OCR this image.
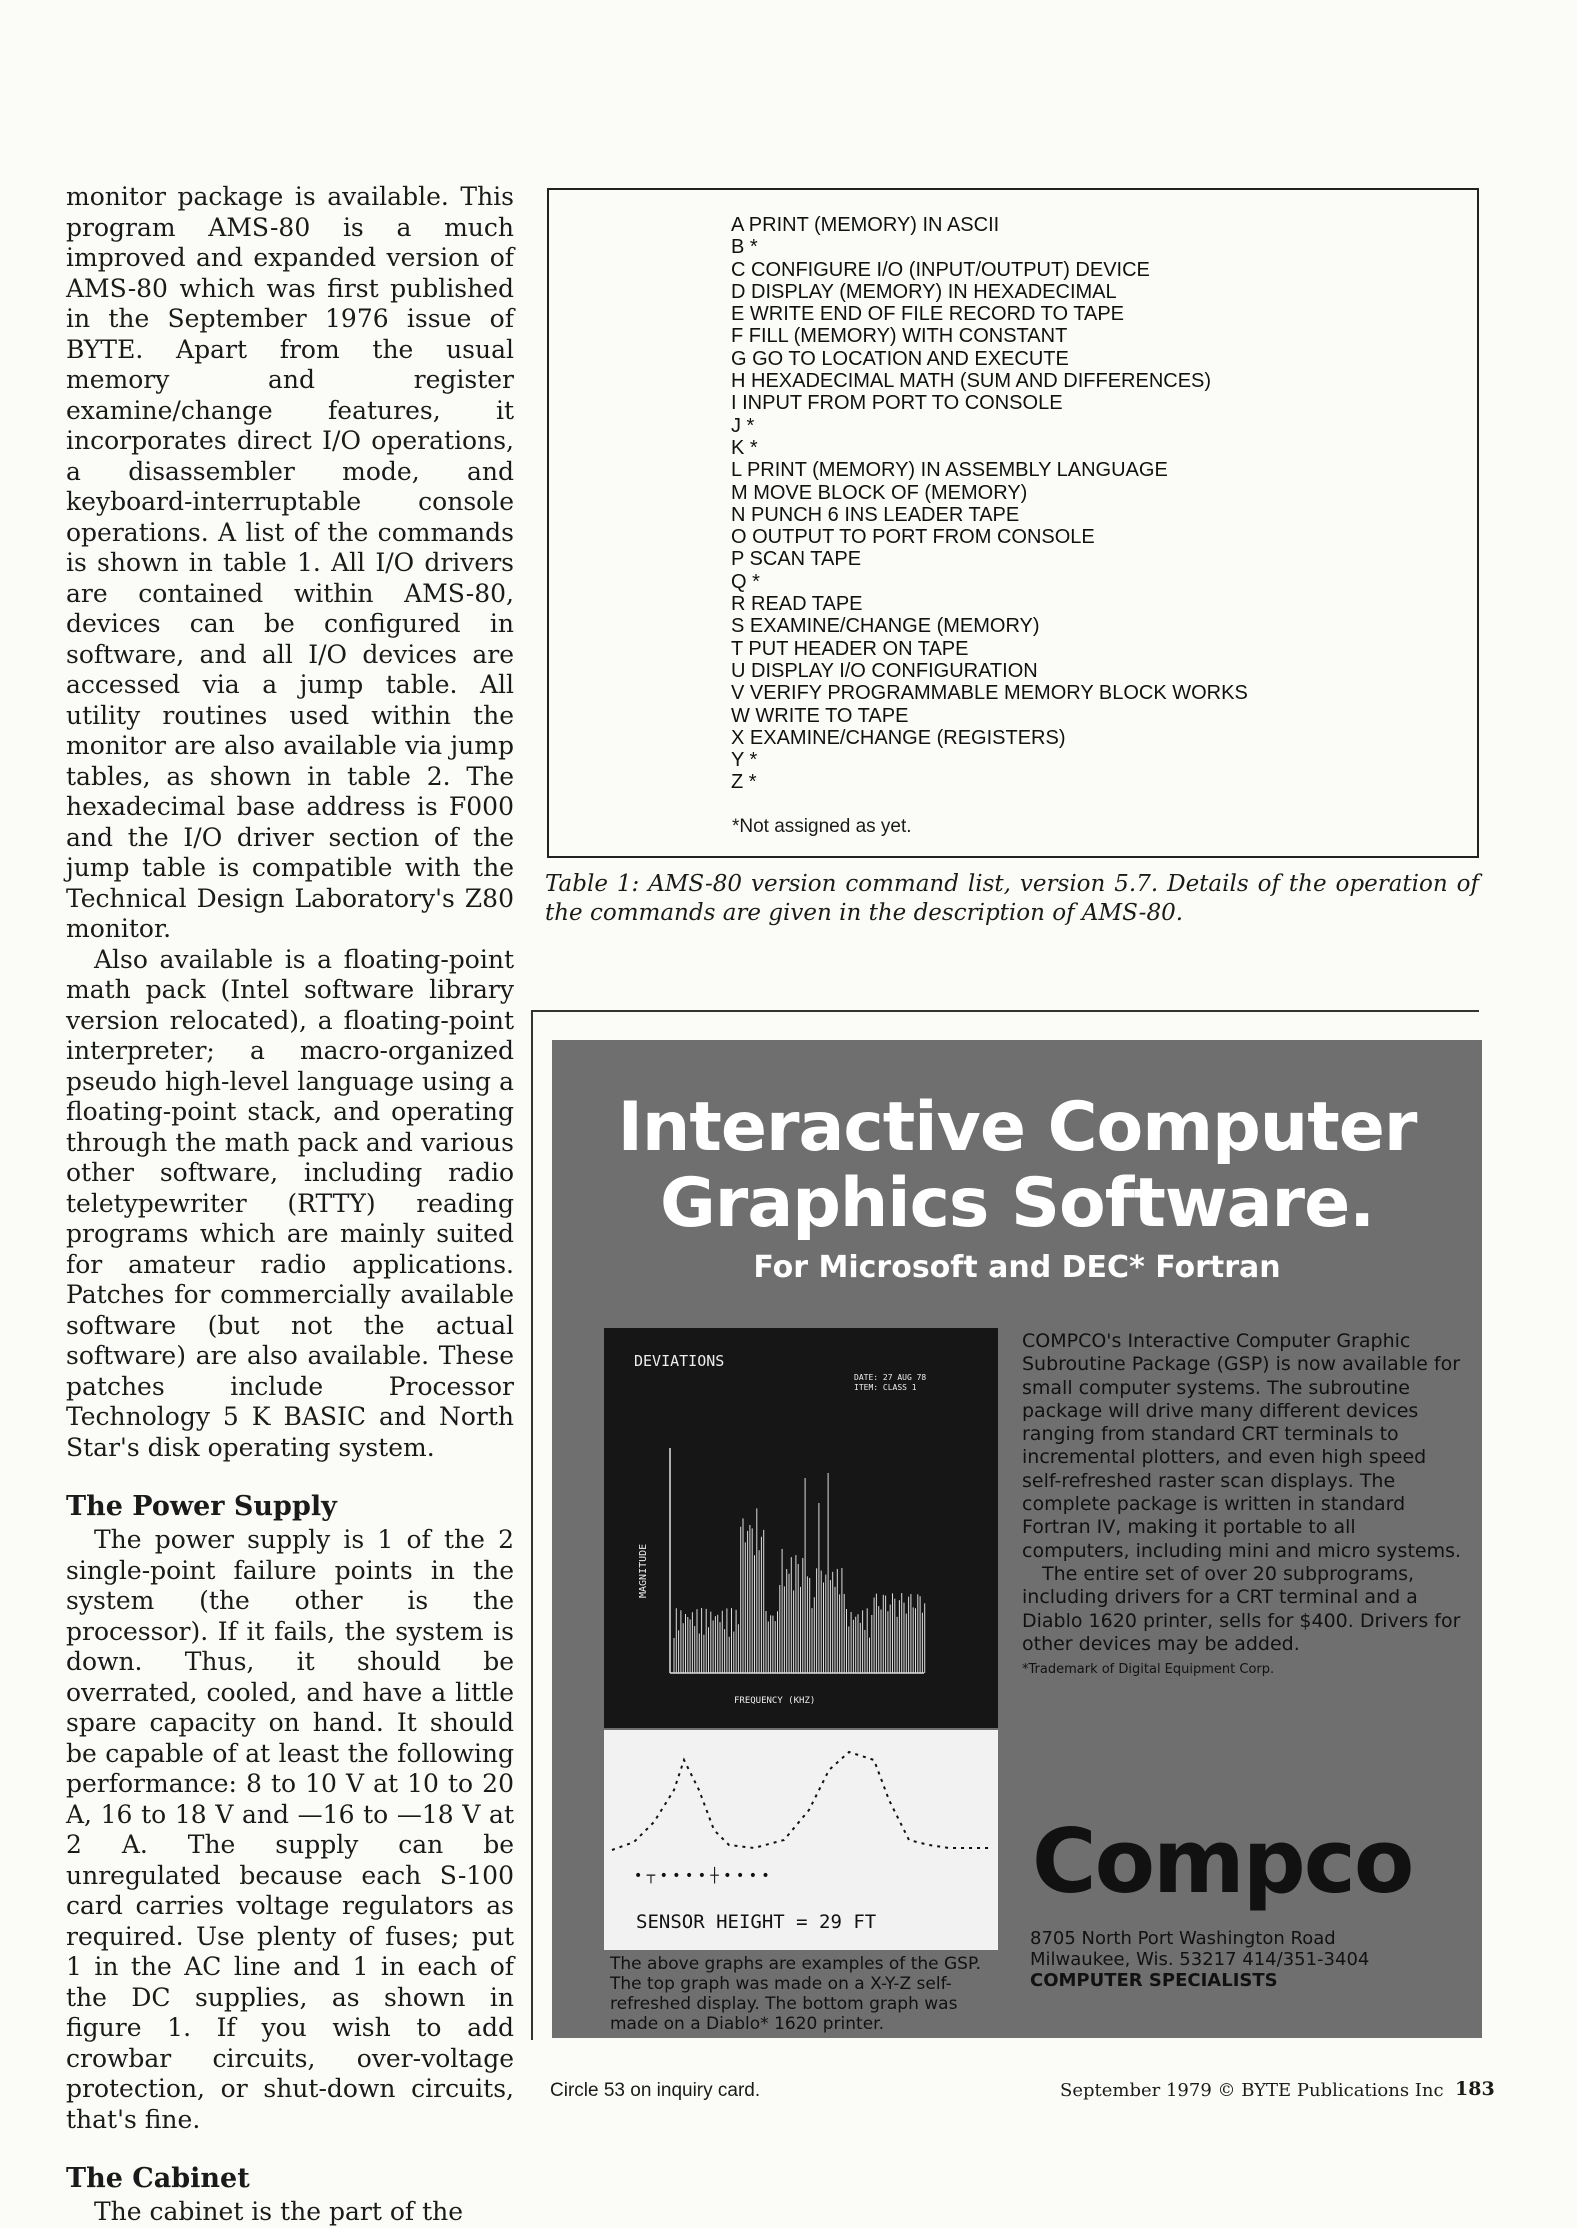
monitor package is available. This program AMS-80 is a much improved and expanded version of AMS-80 which was first published in the September 1976 issue of BYTE. Apart from the usual memory and register examine/change features, it incorporates direct I/O operations, a disassembler mode, and keyboard-interruptable console operations. A list of the commands is shown in table 1. All I/O drivers are contained within AMS-80, devices can be configured in software, and all I/O devices are accessed via a jump table. All utility routines used within the monitor are also available via jump tables, as shown in table 2. The hexadecimal base address is F000 and the I/O driver section of the jump table is compatible with the Technical Design Laboratory's Z80 monitor.

Also available is a floating-point math pack (Intel software library version relocated), a floating-point interpreter; a macro-organized pseudo high-level language using a floating-point stack, and operating through the math pack and various other software, including radio teletypewriter (RTTY) reading programs which are mainly suited for amateur radio applications. Patches for commercially available software (but not the actual software) are also available. These patches include Processor Technology 5 K BASIC and North Star's disk operating system.

The Power Supply

The power supply is 1 of the 2 single-point failure points in the system (the other is the processor). If it fails, the system is down. Thus, it should be overrated, cooled, and have a little spare capacity on hand. It should be capable of at least the following performance: 8 to 10 V at 10 to 20 A, 16 to 18 V and —16 to —18 V at 2 A. The supply can be unregulated because each S-100 card carries voltage regulators as required. Use plenty of fuses; put 1 in the AC line and 1 in each of the DC supplies, as shown in figure 1. If you wish to add crowbar circuits, over-voltage protection, or shut-down circuits, that's fine.

The Cabinet

The cabinet is the part of the

A PRINT (MEMORY) IN ASCII
B *
C CONFIGURE I/O (INPUT/OUTPUT) DEVICE
D DISPLAY (MEMORY) IN HEXADECIMAL
E WRITE END OF FILE RECORD TO TAPE
F FILL (MEMORY) WITH CONSTANT
G GO TO LOCATION AND EXECUTE
H HEXADECIMAL MATH (SUM AND DIFFERENCES)
I INPUT FROM PORT TO CONSOLE
J *
K *
L PRINT (MEMORY) IN ASSEMBLY LANGUAGE
M MOVE BLOCK OF (MEMORY)
N PUNCH 6 INS LEADER TAPE
O OUTPUT TO PORT FROM CONSOLE
P SCAN TAPE
Q *
R READ TAPE
S EXAMINE/CHANGE (MEMORY)
T PUT HEADER ON TAPE
U DISPLAY I/O CONFIGURATION
V VERIFY PROGRAMMABLE MEMORY BLOCK WORKS
W WRITE TO TAPE
X EXAMINE/CHANGE (REGISTERS)
Y *
Z *
*Not assigned as yet.
Table 1: AMS-80 version command list, version 5.7. Details of the operation of the commands are given in the description of AMS-80.
Interactive Computer
Graphics Software.
For Microsoft and DEC* Fortran
DEVIATIONS
DATE: 27 AUG 78
ITEM: CLASS 1
MAGNITUDE
FREQUENCY (KHZ)
• ┬ • • • • ┼ • • • •
SENSOR HEIGHT = 29 FT
The above graphs are examples of the GSP. The top graph was made on a X-Y-Z self-refreshed display. The bottom graph was made on a Diablo* 1620 printer.

COMPCO's Interactive Computer Graphic Subroutine Package (GSP) is now available for small computer systems. The subroutine package will drive many different devices ranging from standard CRT terminals to incremental plotters, and even high speed self-refreshed raster scan displays. The complete package is written in standard Fortran IV, making it portable to all computers, including mini and micro systems.

The entire set of over 20 subprograms, including drivers for a CRT terminal and a Diablo 1620 printer, sells for $400. Drivers for other devices may be added.

*Trademark of Digital Equipment Corp.

Compco
8705 North Port Washington Road
Milwaukee, Wis. 53217 414/351-3404
COMPUTER SPECIALISTS
Circle 53 on inquiry card.	September 1979 © BYTE Publications Inc 183
